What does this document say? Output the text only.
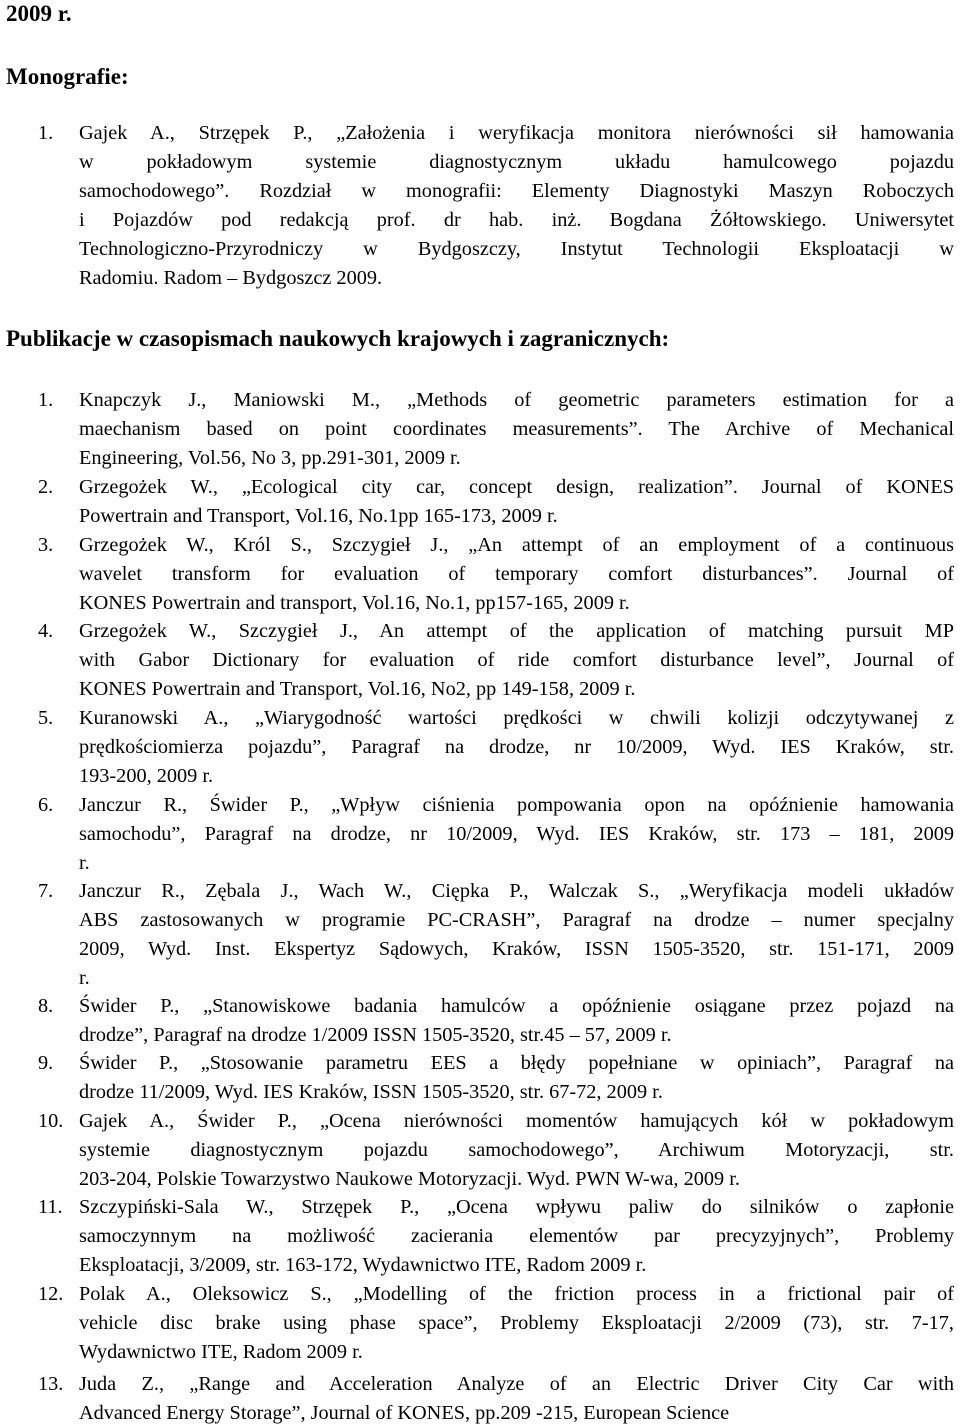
2009 r.
Monografie:
1. Gajek A., Strzępek P., „Założenia i weryfikacja monitora nierówności sił hamowania
w pokładowym systemie diagnostycznym układu hamulcowego pojazdu
samochodowego”. Rozdział w monografii: Elementy Diagnostyki Maszyn Roboczych
i Pojazdów pod redakcją prof. dr hab. inż. Bogdana Żółtowskiego. Uniwersytet
Technologiczno-Przyrodniczy w Bydgoszczy, Instytut Technologii Eksploatacji w
Radomiu. Radom – Bydgoszcz 2009.
Publikacje w czasopismach naukowych krajowych i zagranicznych:
1. Knapczyk J., Maniowski M., „Methods of geometric parameters estimation for a
maechanism based on point coordinates measurements”. The Archive of Mechanical
Engineering, Vol.56, No 3, pp.291-301, 2009 r.
2. Grzegożek W., „Ecological city car, concept design, realization”. Journal of KONES
Powertrain and Transport, Vol.16, No.1pp 165-173, 2009 r.
3. Grzegożek W., Król S., Szczygieł J., „An attempt of an employment of a continuous
wavelet transform for evaluation of temporary comfort disturbances”. Journal of
KONES Powertrain and transport, Vol.16, No.1, pp157-165, 2009 r.
4. Grzegożek W., Szczygieł J., An attempt of the application of matching pursuit MP
with Gabor Dictionary for evaluation of ride comfort disturbance level”, Journal of
KONES Powertrain and Transport, Vol.16, No2, pp 149-158, 2009 r.
5. Kuranowski A., „Wiarygodność wartości prędkości w chwili kolizji odczytywanej z
prędkościomierza pojazdu”, Paragraf na drodze, nr 10/2009, Wyd. IES Kraków, str.
193-200, 2009 r.
6. Janczur R., Świder P., „Wpływ ciśnienia pompowania opon na opóźnienie hamowania
samochodu”, Paragraf na drodze, nr 10/2009, Wyd. IES Kraków, str. 173 – 181, 2009
r.
7. Janczur R., Zębala J., Wach W., Ciępka P., Walczak S., „Weryfikacja modeli układów
ABS zastosowanych w programie PC-CRASH”, Paragraf na drodze – numer specjalny
2009, Wyd. Inst. Ekspertyz Sądowych, Kraków, ISSN 1505-3520, str. 151-171, 2009
r.
8. Świder P., „Stanowiskowe badania hamulców a opóźnienie osiągane przez pojazd na
drodze”, Paragraf na drodze 1/2009 ISSN 1505-3520, str.45 – 57, 2009 r.
9. Świder P., „Stosowanie parametru EES a błędy popełniane w opiniach”, Paragraf na
drodze 11/2009, Wyd. IES Kraków, ISSN 1505-3520, str. 67-72, 2009 r.
10. Gajek A., Świder P., „Ocena nierówności momentów hamujących kół w pokładowym
systemie diagnostycznym pojazdu samochodowego”, Archiwum Motoryzacji, str.
203-204, Polskie Towarzystwo Naukowe Motoryzacji. Wyd. PWN W-wa, 2009 r.
11. Szczypiński-Sala W., Strzępek P., „Ocena wpływu paliw do silników o zapłonie
samoczynnym na możliwość zacierania elementów par precyzyjnych”, Problemy
Eksploatacji, 3/2009, str. 163-172, Wydawnictwo ITE, Radom 2009 r.
12. Polak A., Oleksowicz S., „Modelling of the friction process in a frictional pair of
vehicle disc brake using phase space”, Problemy Eksploatacji 2/2009 (73), str. 7-17,
Wydawnictwo ITE, Radom 2009 r.
13. Juda Z., „Range and Acceleration Analyze of an Electric Driver City Car with
Advanced Energy Storage”, Journal of KONES, pp.209 -215, European Science
